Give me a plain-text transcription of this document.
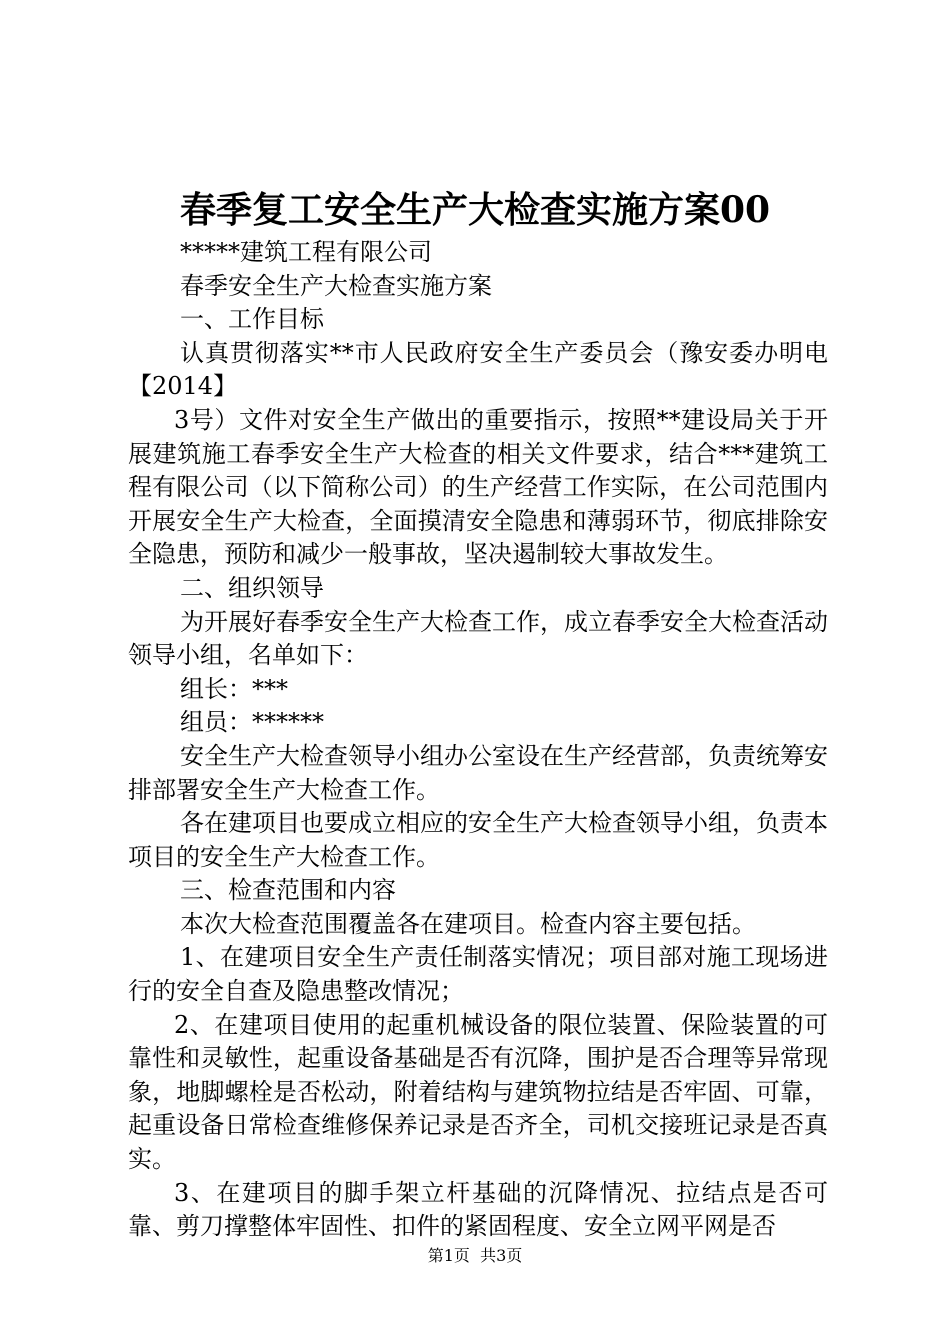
春季复工安全生产大检查实施方案00

*****建筑工程有限公司

春季安全生产大检查实施方案

一、工作目标

认真贯彻落实**市人民政府安全生产委员会（豫安委办明电【2014】

3号）文件对安全生产做出的重要指示，按照**建设局关于开展建筑施工春季安全生产大检查的相关文件要求，结合***建筑工程有限公司（以下简称公司）的生产经营工作实际，在公司范围内开展安全生产大检查，全面摸清安全隐患和薄弱环节，彻底排除安全隐患，预防和减少一般事故，坚决遏制较大事故发生。

二、组织领导

为开展好春季安全生产大检查工作，成立春季安全大检查活动领导小组，名单如下：

组长：***

组员：******

安全生产大检查领导小组办公室设在生产经营部，负责统筹安排部署安全生产大检查工作。

各在建项目也要成立相应的安全生产大检查领导小组，负责本项目的安全生产大检查工作。

三、检查范围和内容

本次大检查范围覆盖各在建项目。检查内容主要包括。

1、在建项目安全生产责任制落实情况；项目部对施工现场进行的安全自查及隐患整改情况；

2、在建项目使用的起重机械设备的限位装置、保险装置的可靠性和灵敏性，起重设备基础是否有沉降，围护是否合理等异常现象，地脚螺栓是否松动，附着结构与建筑物拉结是否牢固、可靠，起重设备日常检查维修保养记录是否齐全，司机交接班记录是否真实。

3、在建项目的脚手架立杆基础的沉降情况、拉结点是否可靠、剪刀撑整体牢固性、扣件的紧固程度、安全立网平网是否

第1页  共3页
